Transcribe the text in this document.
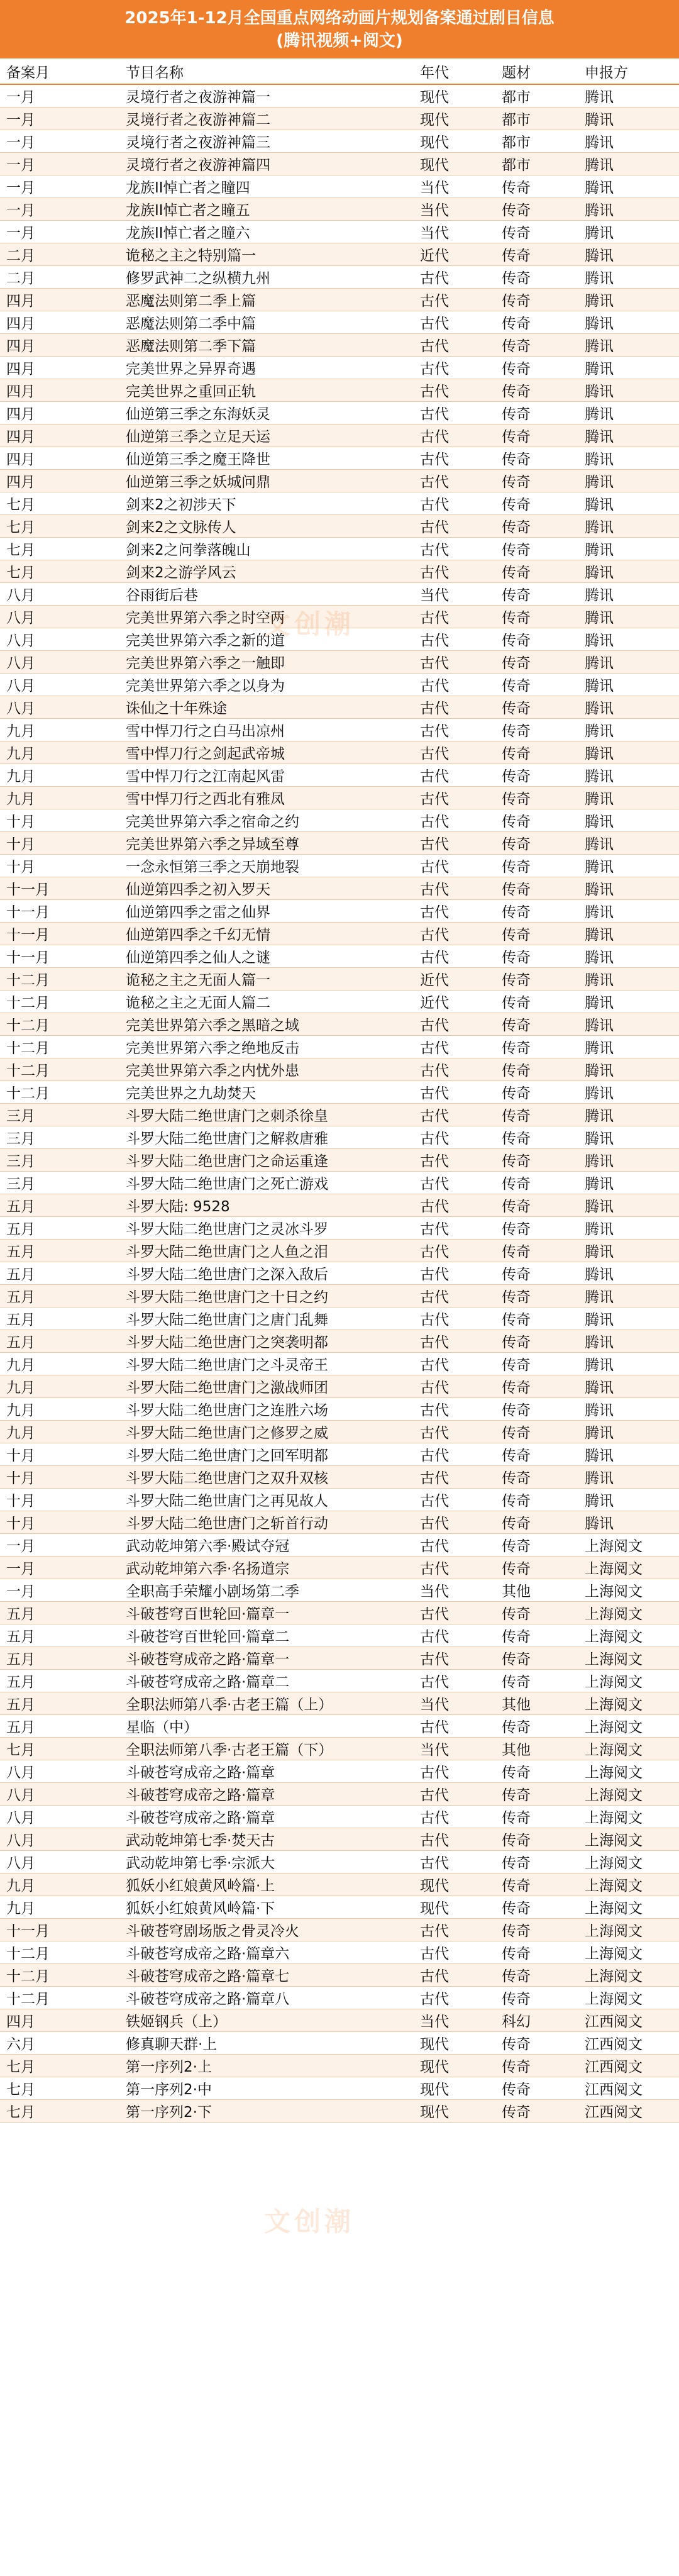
2025年1-12月全国重点网络动画片规划备案通过剧目信息
(腾讯视频+阅文)
备案月	节目名称	年代	题材	申报方
一月	灵境行者之夜游神篇一	现代	都市	腾讯
一月	灵境行者之夜游神篇二	现代	都市	腾讯
一月	灵境行者之夜游神篇三	现代	都市	腾讯
一月	灵境行者之夜游神篇四	现代	都市	腾讯
一月	龙族II悼亡者之瞳四	当代	传奇	腾讯
一月	龙族II悼亡者之瞳五	当代	传奇	腾讯
一月	龙族II悼亡者之瞳六	当代	传奇	腾讯
二月	诡秘之主之特别篇一	近代	传奇	腾讯
二月	修罗武神二之纵横九州	古代	传奇	腾讯
四月	恶魔法则第二季上篇	古代	传奇	腾讯
四月	恶魔法则第二季中篇	古代	传奇	腾讯
四月	恶魔法则第二季下篇	古代	传奇	腾讯
四月	完美世界之异界奇遇	古代	传奇	腾讯
四月	完美世界之重回正轨	古代	传奇	腾讯
四月	仙逆第三季之东海妖灵	古代	传奇	腾讯
四月	仙逆第三季之立足天运	古代	传奇	腾讯
四月	仙逆第三季之魔王降世	古代	传奇	腾讯
四月	仙逆第三季之妖城问鼎	古代	传奇	腾讯
七月	剑来2之初涉天下	古代	传奇	腾讯
七月	剑来2之文脉传人	古代	传奇	腾讯
七月	剑来2之问拳落魄山	古代	传奇	腾讯
七月	剑来2之游学风云	古代	传奇	腾讯
八月	谷雨街后巷	当代	传奇	腾讯
八月	完美世界第六季之时空两	古代	传奇	腾讯
八月	完美世界第六季之新的道	古代	传奇	腾讯
八月	完美世界第六季之一触即	古代	传奇	腾讯
八月	完美世界第六季之以身为	古代	传奇	腾讯
八月	诛仙之十年殊途	古代	传奇	腾讯
九月	雪中悍刀行之白马出凉州	古代	传奇	腾讯
九月	雪中悍刀行之剑起武帝城	古代	传奇	腾讯
九月	雪中悍刀行之江南起风雷	古代	传奇	腾讯
九月	雪中悍刀行之西北有雅凤	古代	传奇	腾讯
十月	完美世界第六季之宿命之约	古代	传奇	腾讯
十月	完美世界第六季之异域至尊	古代	传奇	腾讯
十月	一念永恒第三季之天崩地裂	古代	传奇	腾讯
十一月	仙逆第四季之初入罗天	古代	传奇	腾讯
十一月	仙逆第四季之雷之仙界	古代	传奇	腾讯
十一月	仙逆第四季之千幻无情	古代	传奇	腾讯
十一月	仙逆第四季之仙人之谜	古代	传奇	腾讯
十二月	诡秘之主之无面人篇一	近代	传奇	腾讯
十二月	诡秘之主之无面人篇二	近代	传奇	腾讯
十二月	完美世界第六季之黑暗之域	古代	传奇	腾讯
十二月	完美世界第六季之绝地反击	古代	传奇	腾讯
十二月	完美世界第六季之内忧外患	古代	传奇	腾讯
十二月	完美世界之九劫焚天	古代	传奇	腾讯
三月	斗罗大陆二绝世唐门之刺杀徐皇	古代	传奇	腾讯
三月	斗罗大陆二绝世唐门之解救唐雅	古代	传奇	腾讯
三月	斗罗大陆二绝世唐门之命运重逢	古代	传奇	腾讯
三月	斗罗大陆二绝世唐门之死亡游戏	古代	传奇	腾讯
五月	斗罗大陆: 9528	古代	传奇	腾讯
五月	斗罗大陆二绝世唐门之灵冰斗罗	古代	传奇	腾讯
五月	斗罗大陆二绝世唐门之人鱼之泪	古代	传奇	腾讯
五月	斗罗大陆二绝世唐门之深入敌后	古代	传奇	腾讯
五月	斗罗大陆二绝世唐门之十日之约	古代	传奇	腾讯
五月	斗罗大陆二绝世唐门之唐门乱舞	古代	传奇	腾讯
五月	斗罗大陆二绝世唐门之突袭明都	古代	传奇	腾讯
九月	斗罗大陆二绝世唐门之斗灵帝王	古代	传奇	腾讯
九月	斗罗大陆二绝世唐门之激战师团	古代	传奇	腾讯
九月	斗罗大陆二绝世唐门之连胜六场	古代	传奇	腾讯
九月	斗罗大陆二绝世唐门之修罗之威	古代	传奇	腾讯
十月	斗罗大陆二绝世唐门之回军明都	古代	传奇	腾讯
十月	斗罗大陆二绝世唐门之双升双核	古代	传奇	腾讯
十月	斗罗大陆二绝世唐门之再见故人	古代	传奇	腾讯
十月	斗罗大陆二绝世唐门之斩首行动	古代	传奇	腾讯
一月	武动乾坤第六季·殿试夺冠	古代	传奇	上海阅文
一月	武动乾坤第六季·名扬道宗	古代	传奇	上海阅文
一月	全职高手荣耀小剧场第二季	当代	其他	上海阅文
五月	斗破苍穹百世轮回·篇章一	古代	传奇	上海阅文
五月	斗破苍穹百世轮回·篇章二	古代	传奇	上海阅文
五月	斗破苍穹成帝之路·篇章一	古代	传奇	上海阅文
五月	斗破苍穹成帝之路·篇章二	古代	传奇	上海阅文
五月	全职法师第八季·古老王篇（上）	当代	其他	上海阅文
五月	星临（中）	古代	传奇	上海阅文
七月	全职法师第八季·古老王篇（下）	当代	其他	上海阅文
八月	斗破苍穹成帝之路·篇章	古代	传奇	上海阅文
八月	斗破苍穹成帝之路·篇章	古代	传奇	上海阅文
八月	斗破苍穹成帝之路·篇章	古代	传奇	上海阅文
八月	武动乾坤第七季·焚天古	古代	传奇	上海阅文
八月	武动乾坤第七季·宗派大	古代	传奇	上海阅文
九月	狐妖小红娘黄风岭篇·上	现代	传奇	上海阅文
九月	狐妖小红娘黄风岭篇·下	现代	传奇	上海阅文
十一月	斗破苍穹剧场版之骨灵冷火	古代	传奇	上海阅文
十二月	斗破苍穹成帝之路·篇章六	古代	传奇	上海阅文
十二月	斗破苍穹成帝之路·篇章七	古代	传奇	上海阅文
十二月	斗破苍穹成帝之路·篇章八	古代	传奇	上海阅文
四月	铁姬钢兵（上）	当代	科幻	江西阅文
六月	修真聊天群·上	现代	传奇	江西阅文
七月	第一序列2·上	现代	传奇	江西阅文
七月	第一序列2·中	现代	传奇	江西阅文
七月	第一序列2·下	现代	传奇	江西阅文
文创潮
